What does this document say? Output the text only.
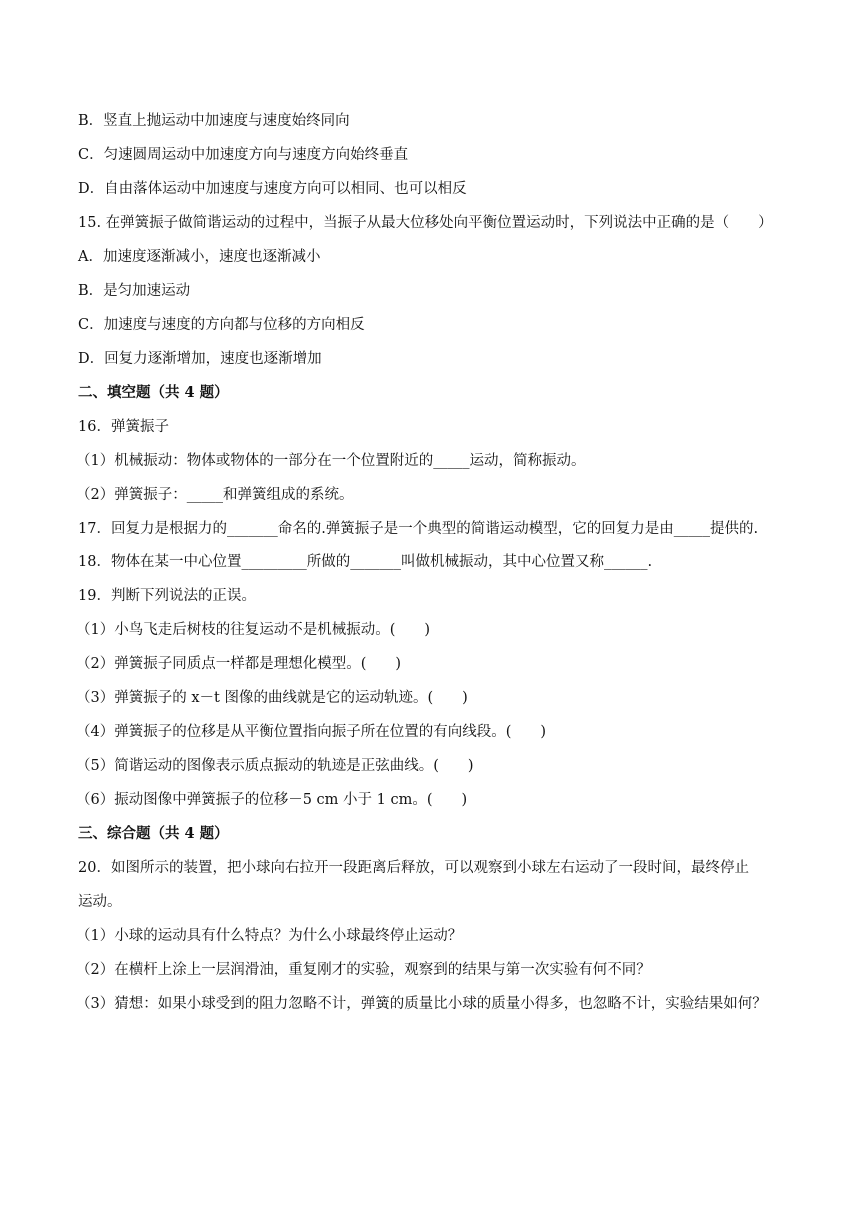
B．竖直上抛运动中加速度与速度始终同向
C．匀速圆周运动中加速度方向与速度方向始终垂直
D．自由落体运动中加速度与速度方向可以相同、也可以相反
15. 在弹簧振子做简谐运动的过程中，当振子从最大位移处向平衡位置运动时，下列说法中正确的是（　　）
A．加速度逐渐减小，速度也逐渐减小
B．是匀加速运动
C．加速度与速度的方向都与位移的方向相反
D．回复力逐渐增加，速度也逐渐增加
二、填空题（共 4 题）
16．弹簧振子
（1）机械振动：物体或物体的一部分在一个位置附近的_____运动，简称振动。
（2）弹簧振子：_____和弹簧组成的系统。
17．回复力是根据力的_______命名的.弹簧振子是一个典型的简谐运动模型，它的回复力是由_____提供的.
18．物体在某一中心位置_________所做的_______叫做机械振动，其中心位置又称______.
19．判断下列说法的正误。
（1）小鸟飞走后树枝的往复运动不是机械振动。(　　)
（2）弹簧振子同质点一样都是理想化模型。(　　)
（3）弹簧振子的 x－t 图像的曲线就是它的运动轨迹。(　　)
（4）弹簧振子的位移是从平衡位置指向振子所在位置的有向线段。(　　)
（5）简谐运动的图像表示质点振动的轨迹是正弦曲线。(　　)
（6）振动图像中弹簧振子的位移－5 cm 小于 1 cm。(　　)
三、综合题（共 4 题）
20．如图所示的装置，把小球向右拉开一段距离后释放，可以观察到小球左右运动了一段时间，最终停止
运动。
（1）小球的运动具有什么特点？为什么小球最终停止运动？
（2）在横杆上涂上一层润滑油，重复刚才的实验，观察到的结果与第一次实验有何不同？
（3）猜想：如果小球受到的阻力忽略不计，弹簧的质量比小球的质量小得多，也忽略不计，实验结果如何？
